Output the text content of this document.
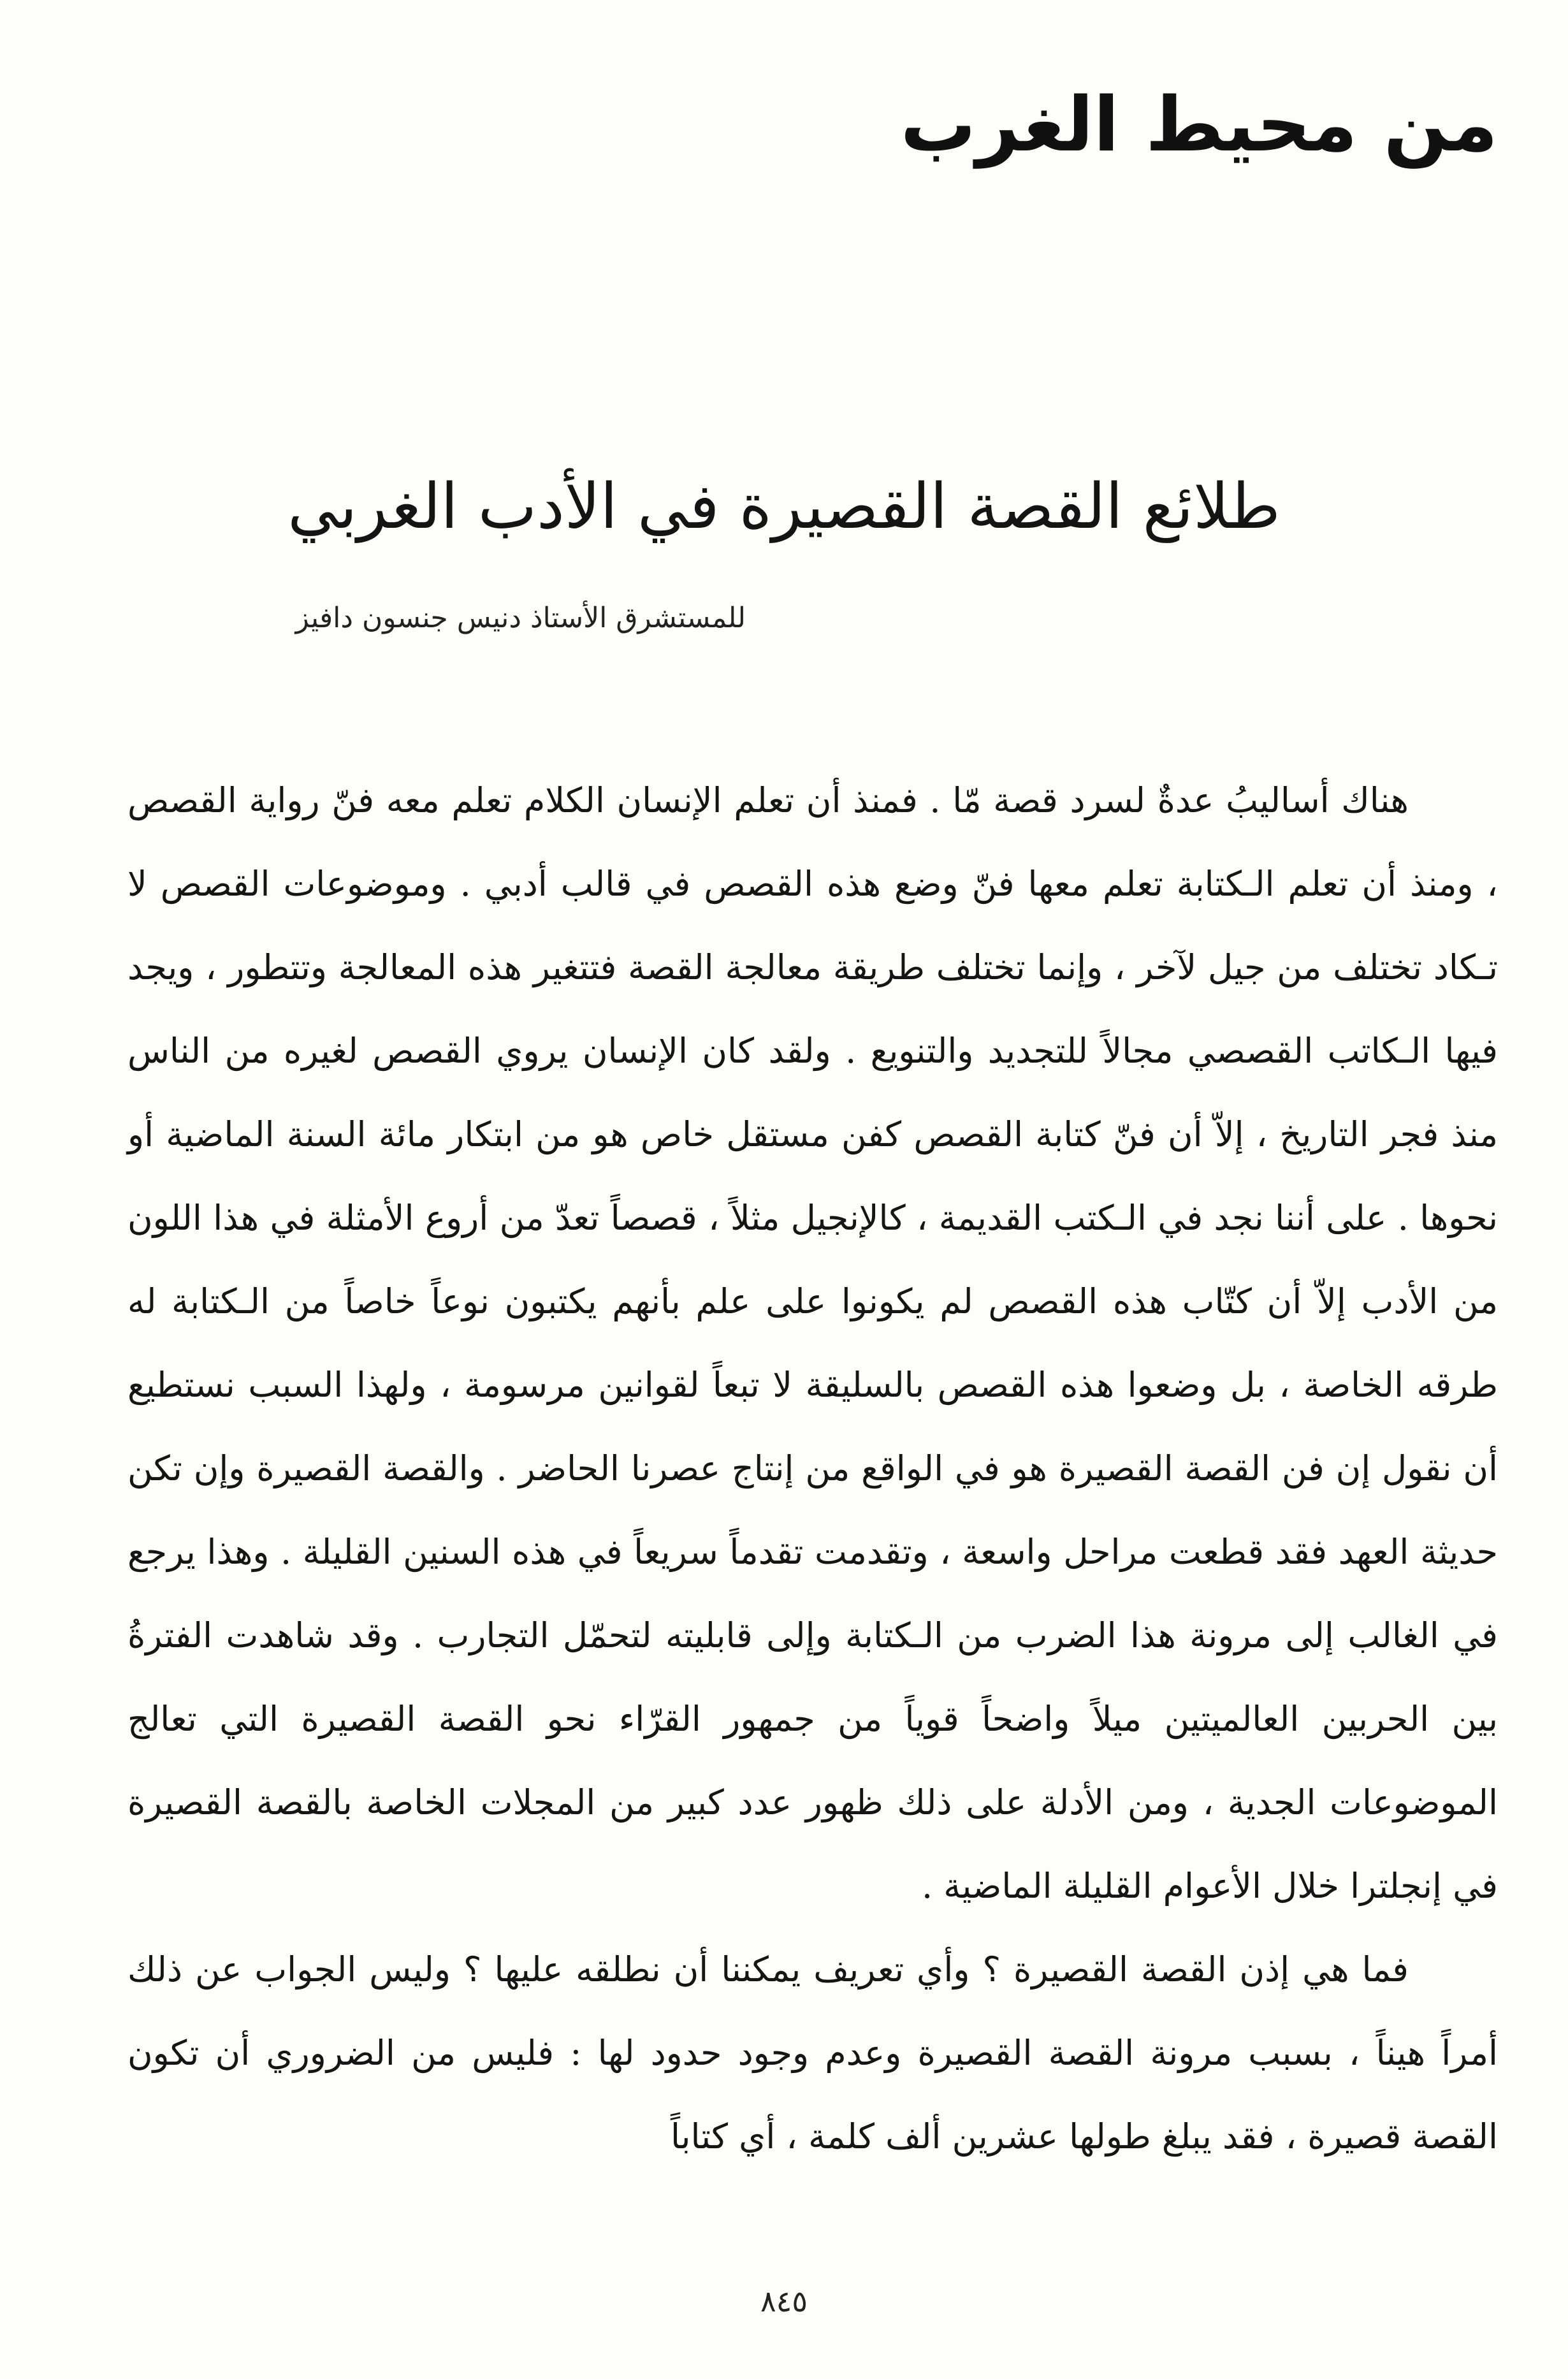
من محيط الغرب
طلائع القصة القصيرة في الأدب الغربي
للمستشرق الأستاذ دنيس جنسون دافيز

هناك أساليبُ عدةٌ لسرد قصة مّا . فمنذ أن تعلم الإنسان الكلام تعلم معه فنّ رواية القصص ، ومنذ أن تعلم الـكتابة تعلم معها فنّ وضع هذه القصص في قالب أدبي . وموضوعات القصص لا تـكاد تختلف من جيل لآخر ، وإنما تختلف طريقة معالجة القصة فتتغير هذه المعالجة وتتطور ، ويجد فيها الـكاتب القصصي مجالاً للتجديد والتنويع . ولقد كان الإنسان يروي القصص لغيره من الناس منذ فجر التاريخ ، إلاّ أن فنّ كتابة القصص كفن مستقل خاص هو من ابتكار مائة السنة الماضية أو نحوها . على أننا نجد في الـكتب القديمة ، كالإنجيل مثلاً ، قصصاً تعدّ من أروع الأمثلة في هذا اللون من الأدب إلاّ أن كتّاب هذه القصص لم يكونوا على علم بأنهم يكتبون نوعاً خاصاً من الـكتابة له طرقه الخاصة ، بل وضعوا هذه القصص بالسليقة لا تبعاً لقوانين مرسومة ، ولهذا السبب نستطيع أن نقول إن فن القصة القصيرة هو في الواقع من إنتاج عصرنا الحاضر . والقصة القصيرة وإن تكن حديثة العهد فقد قطعت مراحل واسعة ، وتقدمت تقدماً سريعاً في هذه السنين القليلة . وهذا يرجع في الغالب إلى مرونة هذا الضرب من الـكتابة وإلى قابليته لتحمّل التجارب . وقد شاهدت الفترةُ بين الحربين العالميتين ميلاً واضحاً قوياً من جمهور القرّاء نحو القصة القصيرة التي تعالج الموضوعات الجدية ، ومن الأدلة على ذلك ظهور عدد كبير من المجلات الخاصة بالقصة القصيرة في إنجلترا خلال الأعوام القليلة الماضية .

فما هي إذن القصة القصيرة ؟ وأي تعريف يمكننا أن نطلقه عليها ؟ وليس الجواب عن ذلك أمراً هيناً ، بسبب مرونة القصة القصيرة وعدم وجود حدود لها : فليس من الضروري أن تكون القصة قصيرة ، فقد يبلغ طولها عشرين ألف كلمة ، أي كتاباً

٨٤٥
